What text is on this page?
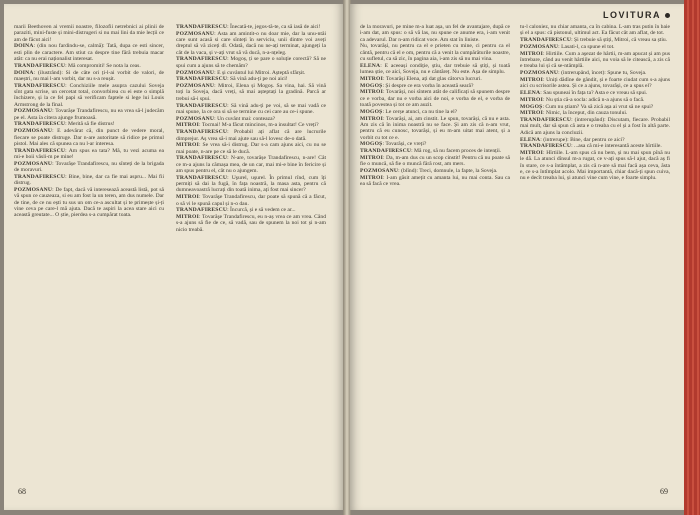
marii Beethoven ai vremii noastre, filozofii netrebnici ai plinii de paraziti, mini-fuste și mini-distrugeri si nu mai lini da mie lecții ce am de făcut aici!

DOINA: (din nou fardindu-se, calmă): Tată, dupa ce esti sincer, esti plin de caractere. Am stiut ca despre tine fără trebuia macar atât: ca nu erai naționalist interesat.

TRANDAFIRESCU: Mă compromiti! Se nota la ceas.

DOINA: (ilustrând): Si de câte ori ți-l-ai vorbit de valori, de maeștri, nu mai l-am vorbit, dar nu s-a reușit.

TRANDAFIRESCU: Conchiziile mele asupra cazului Soveja sînt gata scrise, un cercetat total, convorbirea cu ei este o simplă închizere, și la ce fel papi să verificam faptele si lege lui Louis Armstrong de la final.

POZMOSANU: Tovarășe Trandafirescu, nu ea vrea să-l judecăm pe el. Asta îa citera ajunge frumoasă.

TRANDAFIRESCU: Merită să fie distrus!

POZMOSANU: E adevărat că, din punct de vedere moral, fiecare se poate distruge. Dar n-are autoritate să ridice pe primul pistol. Mai ales că spunea ca nu l-ar interesa.

TRANDAFIRESCU: Am spus ea tata? Mă, tu vezi acuma ea mi-e boii vâsli-m pe mine!

POZMOSANU: Tovarășe Trandafirescu, nu sînteți de la brigada de moravuri.

TRANDAFIRESCU: Bine, bine, dar ca fie mai aspru... Mai fii distrug.

POZMOSANU: De fapt, dacă vă interesează această listă, pot să vă spun ce cauzeaza, si eu am fost la un teren, am dus numele. Dar de tine, de ce nu ești tu sus un om ce-a ascultat și te primește și-ți vine ceva pe care-l mă ajuta. Dacă te aspiri la acea stare aici cu această greutate... O știe, pierdea s-a cumpărat toata.

TRANDAFIRESCU: Înecată-te, jegos-tă-te, ca să iasă de aici!

POZMOSANU: Asta am amintit-o nu doar mie, dar la unu-ntâi care sunt acasă si care sînteți în serviciu, unii dintre voi aveți dreptul să vă ziceți dl. Odată, dacă nu ne-ați terminat, ajungeți la cât de la vaca, și v-ați vrut să vă ducă, n-a-nțeleg.

TRANDAFIRESCU: Mogoș, ți se pare o soluție corectă? Să ne spui cum a ajuns să te chemăm?

POZMOSANU: E și cuvântul lui Mitroi. Așteptă sfârșit.

TRANDAFIRESCU: Să vină adu-ți pe noi aici!

POZMOSANU: Mitroi, Elena și Mogoș. Sa vina, hai. Să vină toți la Soveja, dacă vreți, să mai așteptați la gradină. Parcă ar trebui să-i spui.

TRANDAFIRESCU: Să vină adu-ți pe voi, să se mai vadă ce mai spune, la ce ora si să se termine cu cei care au ce-i spune.

POZMOSANU: Un cuvânt mai: conteaza?

MITROI: Tocmai! M-a făcut mincinos, m-a insultat! Ce vreți?

TRANDAFIRESCU: Probabil ați aflat că are lucrurile dimprejur. Aș vrea să-i mai ajute sau să-l lovesc de-o dată.

MITROI: Se vrea să-i distrug. Dar s-a cam ajuns aici, cu nu se mai poate, n-are pe ce să le ducă.

TRANDAFIRESCU: N-are, tovarășe Trandafirescu, n-are! Cât ce m-a ajuns la cămașa mea, de un car, mai mi-e bine în fericire și am spus pentru el, cât nu o ajungem.

TRANDAFIRESCU: Uşurel, uşurel. În primul rînd, cum îți permiți să dai la fugă, în fața noastră, la masa asta, pentru că dumneavoastră lucrați din toată inima, ați fost mai sincer?

MITROI: Tovarăşe Trandafirescu, dar poate să spună că a făcut, o să vi le spună capul și n-o dau.

TRANDAFIRESCU: Încurcă, și e să vedem ce ar...

MITROI: Tovarăşe Trandafirescu, eu n-aș vrea ce am vrea. Când s-a ajuns să fie de ce, să vadă, sau de spunem la noi tot și n-am nicio treabă.

68
LOVITURA

de la moravuri, pe mine m-a luat așa, un fel de avantajare, după ce i-am dat, am spus: o să vă las, nu spune ce anume era, i-am venit ca adevarul. Dar n-am ridicat voce. Am stat în liniste.

Nu, tovarăși, nu pentru ca el e prieten cu mine, ci pentru ca el cântă, pentru că el e om, pentru că a venit la cumpărăturile noastre, cu sufletul, ca să zic, în pagina aia, i-am zis să nu mai vina.

ELENA: E aceeași condiție, știu, dar trebuie să știți, și toată lumea știe, ce aici, Soveja, nu e cântăreț. Nu este. Așa de simplu.

MITROI: Tovarăși Elena, ați dat glas câtorva lucruri.

MOGOȘ: Și despre ce era vorba în această seară?

MITROI: Tovarăși, noi sîntem atât de calificați să spunem despre ce e vorba, dar nu e vorba aici de noi, e vorba de el, e vorba de toată povestea și tot ce am auzit.

MOGOȘ: Le cerșe atunci, ca nu tine la el?

MITROI: Tovarăși, ai, am cinstit. Le spun, tovarăși, că nu e asta. Am zis că în inima noastră nu se face. Și am zis că n-am vrut, pentru că eu cunosc, tovarăși, și eu m-am uitat mai atent, și a vorbit cu tot ce e.

MOGOȘ: Tovarăși, ce vreți?

TRANDAFIRESCU: Mă rog, să nu facem proces de intenții.

MITROI: Da, m-am dus cu un scop cinstit! Pentru că nu poate să fie o muncă, să fie o muncă fără rost, am mers.

POZMOSANU: (blînd): Treci, domnule, la fapte, la Soveja.

MITROI: I-am găsit amețit cu amanta lui, nu mai conta. Sau ca ea să facă ce vrea.

tu-l caloniez, nu chiar amanta, ca în cabina. L-am tras putin în baie și el a spus: câ pistonul, ultimul act. Ea făcut cât am aflat, de tot.

TRANDAFIRESCU: Și trebuie să știți, Mitroi, că vreau sa știu.

POZMOSANU: Lasati-l, ca spune el tot.

MITROI: Hirtiile. Cum a aşezat de hârtii, m-am apucat și am pus întrebare, când au venit hârtiile aici, nu voia să le citească, a zis că e treaba lui și că se-ntâmplă.

POZMOSANU: (intrerupând, încet): Spune tu, Soveja.

MITROI: Uniți dădîne de gândit, și e foarte ciudat cum s-a ajuns aici cu scrisorile astea. Și ce a ajuns, tovarăși, ce a spus el?

ELENA: Sau spuneai în fața ta? Asta e ce vreau să spui.

MITROI: Nu știa că-a socla: adică n-a ajuns să o facă.

MOGOȘ: Cum nu știam? Va să zică așa ai vrut să ne spui?

MITROI: Nimic, la început, din cauza tonului.

TRANDAFIRESCU: (intrerupând): Discutam, fiecare. Probabil mai mult, dar să spun că asta e o treaba cu el și a fost în altă parte. Adică am ajuns la concluzii.

ELENA: (intrerupe): Bine, dar pentru ce aici?

TRANDAFIRESCU: ...asa că mi-e interesantă aceste hîrtiile.

MITROI: Hîrtiile. L-am spus că nu bem, și nu mai spun pînă nu le dă. La atunci dînsul m-a rugat, ce v-ați spus să-l ajut, dacă aș fi în stare, ce s-a întâmplat, a zis că n-are să mai facă așa ceva, ăsta e, ce s-a întîmplat acolo. Mai importantă, chiar dacă-ți spun cuiva, nu e decît treaba lui, și atunci vine cum vine, e foarte simplu.

69
